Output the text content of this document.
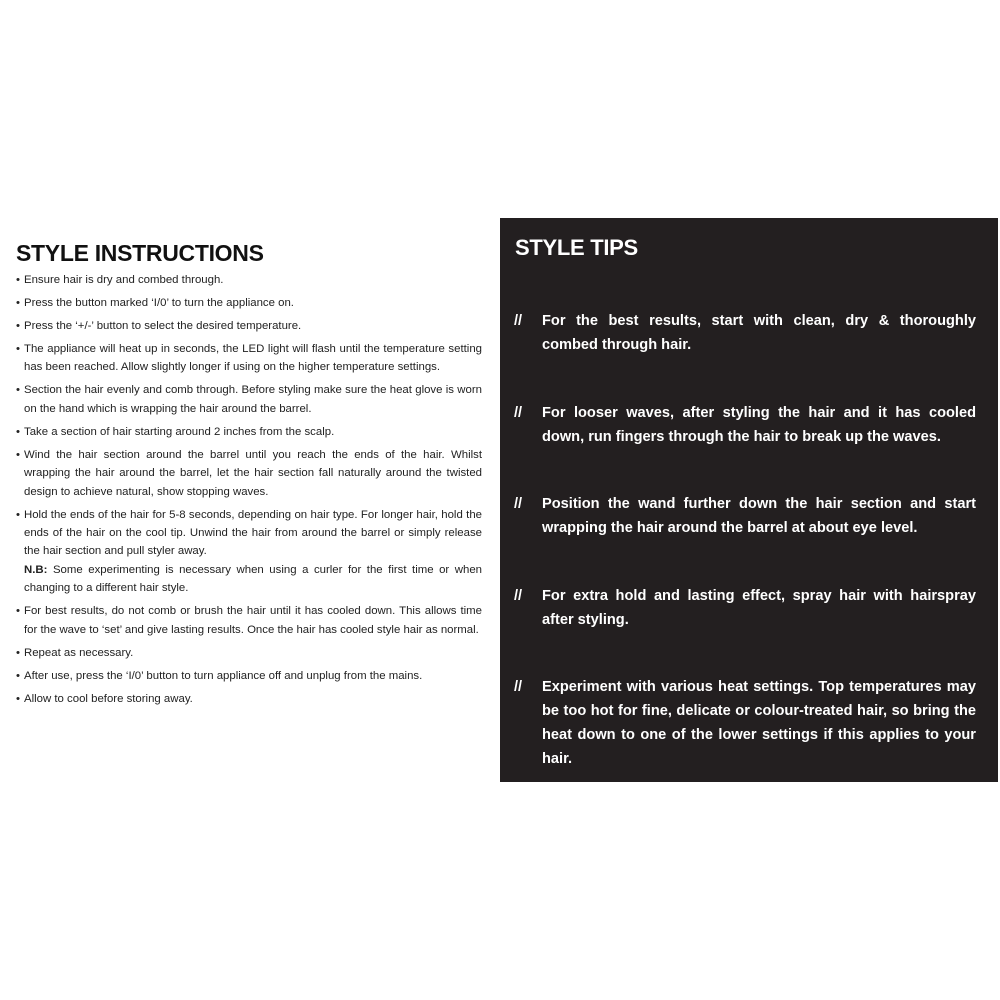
STYLE INSTRUCTIONS
• Ensure hair is dry and combed through.
• Press the button marked ‘I/0’ to turn the appliance on.
• Press the ‘+/-’ button to select the desired temperature.
• The appliance will heat up in seconds, the LED light will flash until the temperature setting has been reached. Allow slightly longer if using on the higher temperature settings.
• Section the hair evenly and comb through. Before styling make sure the heat glove is worn on the hand which is wrapping the hair around the barrel.
• Take a section of hair starting around 2 inches from the scalp.
• Wind the hair section around the barrel until you reach the ends of the hair. Whilst wrapping the hair around the barrel, let the hair section fall naturally around the twisted design to achieve natural, show stopping waves.
• Hold the ends of the hair for 5-8 seconds, depending on hair type. For longer hair, hold the ends of the hair on the cool tip. Unwind the hair from around the barrel or simply release the hair section and pull styler away.
N.B: Some experimenting is necessary when using a curler for the first time or when changing to a different hair style.
• For best results, do not comb or brush the hair until it has cooled down. This allows time for the wave to ‘set’ and give lasting results. Once the hair has cooled style hair as normal.
• Repeat as necessary.
• After use, press the ‘I/0’ button to turn appliance off and unplug from the mains.
• Allow to cool before storing away.
STYLE TIPS
// For the best results, start with clean, dry & thoroughly combed through hair.
// For looser waves, after styling the hair and it has cooled down, run fingers through the hair to break up the waves.
// Position the wand further down the hair section and start wrapping the hair around the barrel at about eye level.
// For extra hold and lasting effect, spray hair with hairspray after styling.
// Experiment with various heat settings. Top temperatures may be too hot for fine, delicate or colour-treated hair, so bring the heat down to one of the lower settings if this applies to your hair.
